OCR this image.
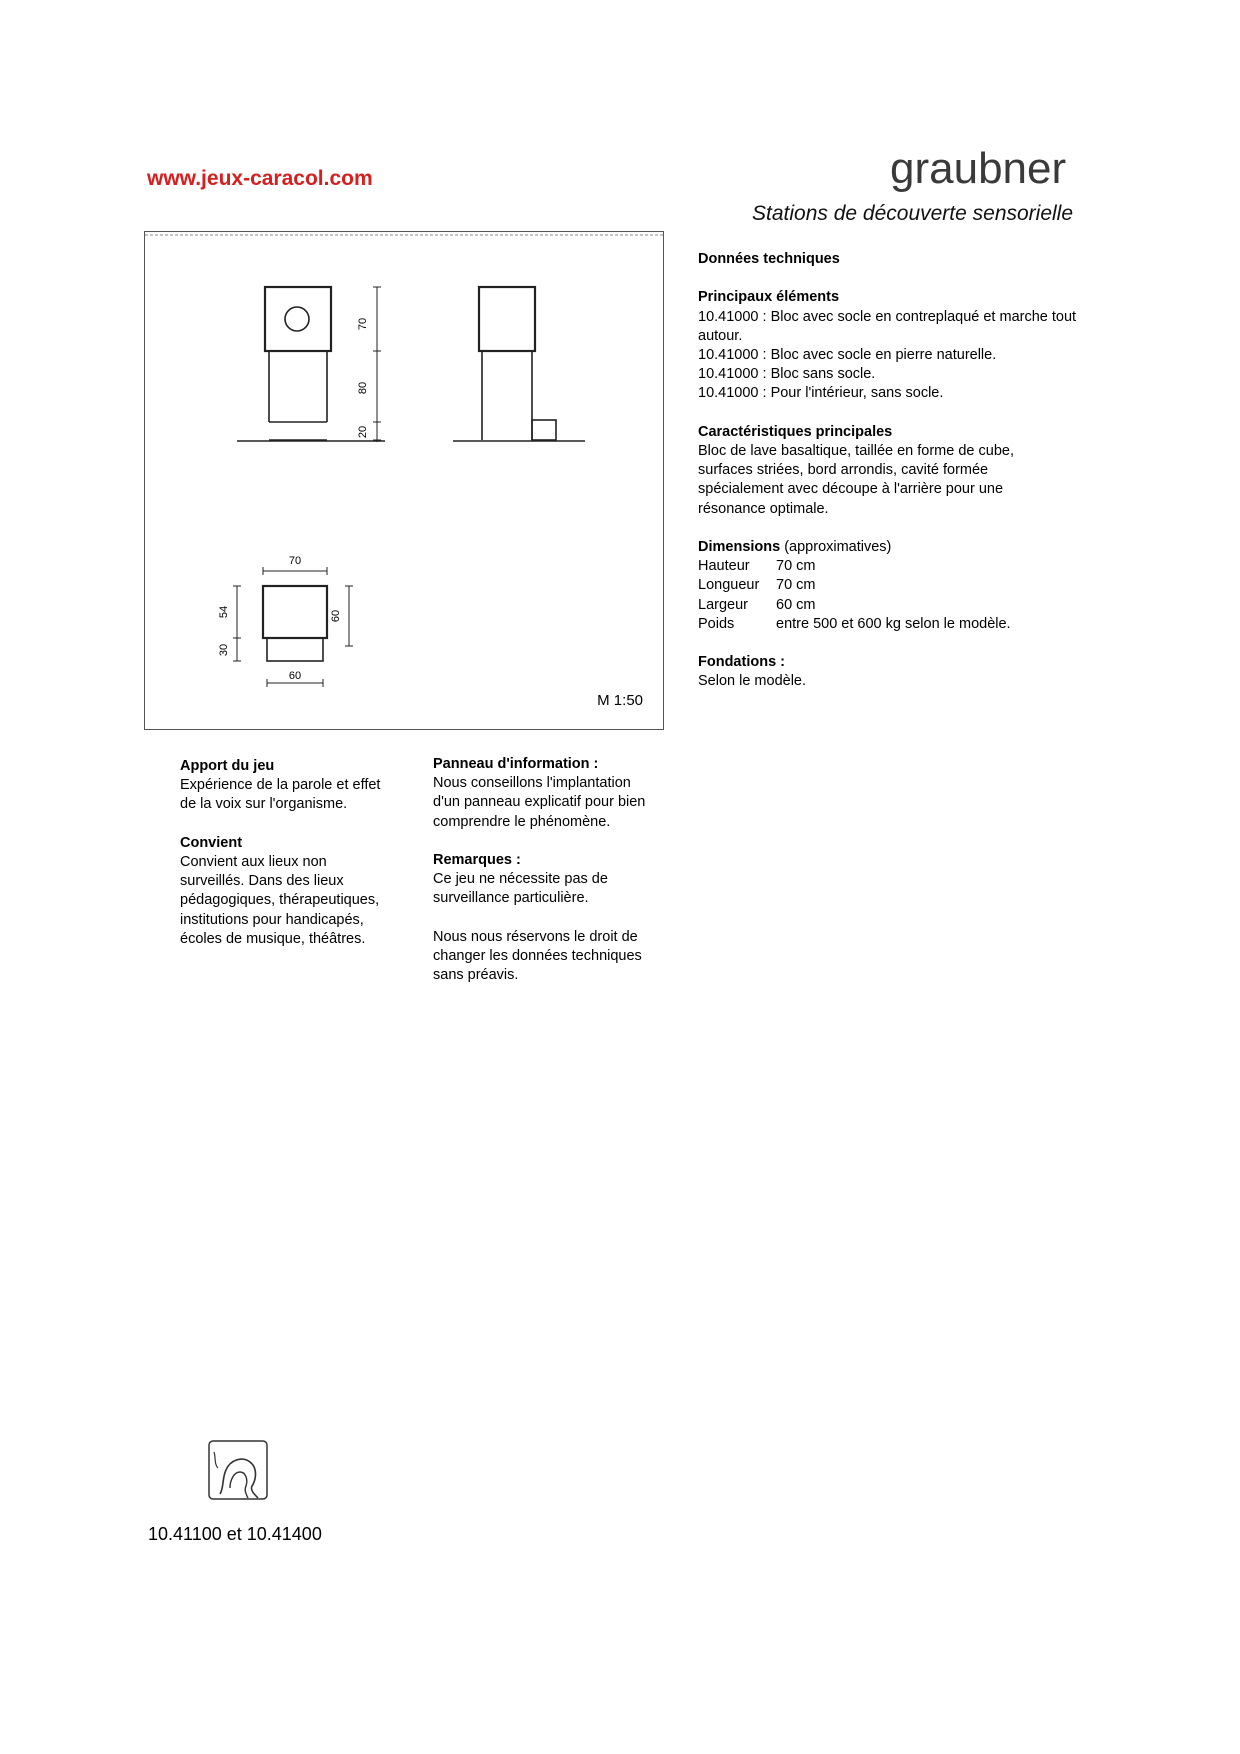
www.jeux-caracol.com	graubner
Stations de découverte sensorielle
70
80
20
70
60
54
30
60
M 1:50
Données techniques
Principaux éléments
10.41000 : Bloc avec socle en contreplaqué et marche tout autour.
10.41000 : Bloc avec socle en pierre naturelle.
10.41000 : Bloc sans socle.
10.41000 : Pour l'intérieur, sans socle.
Caractéristiques principales
Bloc de lave basaltique, taillée en forme de cube, surfaces striées, bord arrondis, cavité formée spécialement avec découpe à l'arrière pour une résonance optimale.
Dimensions (approximatives)
Hauteur 70 cm
Longueur 70 cm
Largeur 60 cm
Poids	entre 500 et 600 kg selon le modèle.
Fondations :
Selon le modèle.
Apport du jeu
Expérience de la parole et effet de la voix sur l'organisme.
Convient
Convient aux lieux non surveillés. Dans des lieux pédagogiques, thérapeutiques, institutions pour handicapés, écoles de musique, théâtres.
Panneau d'information :
Nous conseillons l'implantation d'un panneau explicatif pour bien comprendre le phénomène.
Remarques :
Ce jeu ne nécessite pas de surveillance particulière.
Nous nous réservons le droit de changer les données techniques sans préavis.
10.41100 et 10.41400
